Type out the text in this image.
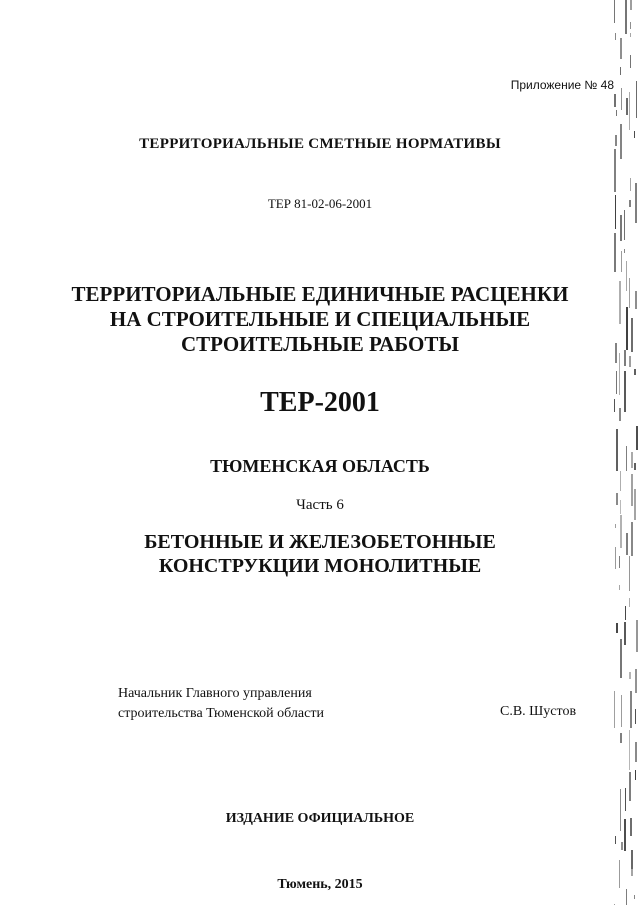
Приложение № 48
ТЕРРИТОРИАЛЬНЫЕ СМЕТНЫЕ НОРМАТИВЫ
ТЕР 81-02-06-2001
ТЕРРИТОРИАЛЬНЫЕ ЕДИНИЧНЫЕ РАСЦЕНКИ
НА СТРОИТЕЛЬНЫЕ И СПЕЦИАЛЬНЫЕ
СТРОИТЕЛЬНЫЕ РАБОТЫ
ТЕР-2001
ТЮМЕНСКАЯ ОБЛАСТЬ
Часть 6
БЕТОННЫЕ И ЖЕЛЕЗОБЕТОННЫЕ
КОНСТРУКЦИИ МОНОЛИТНЫЕ
Начальник Главного управления
строительства Тюменской области	С.В. Шустов
ИЗДАНИЕ ОФИЦИАЛЬНОЕ
Тюмень, 2015
